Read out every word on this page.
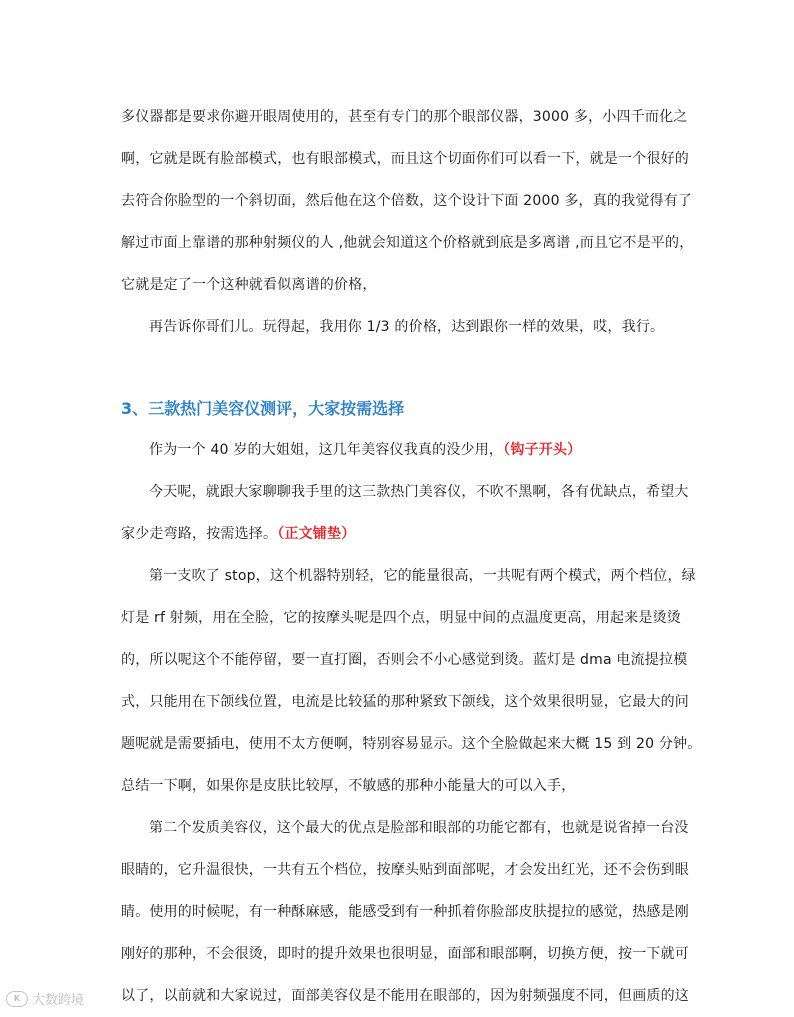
多仪器都是要求你避开眼周使用的，甚至有专门的那个眼部仪器，3000 多，小四千而化之
啊，它就是既有脸部模式，也有眼部模式，而且这个切面你们可以看一下，就是一个很好的
去符合你脸型的一个斜切面，然后他在这个倍数，这个设计下面 2000 多，真的我觉得有了
解过市面上靠谱的那种射频仪的人 ,他就会知道这个价格就到底是多离谱 ,而且它不是平的，
它就是定了一个这种就看似离谱的价格，
再告诉你哥们儿。玩得起，我用你 1/3 的价格，达到跟你一样的效果，哎，我行。
3、三款热门美容仪测评，大家按需选择
作为一个 40 岁的大姐姐，这几年美容仪我真的没少用，（钩子开头）
今天呢，就跟大家聊聊我手里的这三款热门美容仪，不吹不黑啊，各有优缺点，希望大
家少走弯路，按需选择。（正文铺垫）
第一支吹了 stop，这个机器特别轻，它的能量很高，一共呢有两个模式，两个档位，绿
灯是 rf 射频，用在全脸，它的按摩头呢是四个点，明显中间的点温度更高，用起来是烫烫
的，所以呢这个不能停留，要一直打圈，否则会不小心感觉到烫。蓝灯是 dma 电流提拉模
式，只能用在下颌线位置，电流是比较猛的那种紧致下颌线，这个效果很明显，它最大的问
题呢就是需要插电，使用不太方便啊，特别容易显示。这个全脸做起来大概 15 到 20 分钟。
总结一下啊，如果你是皮肤比较厚，不敏感的那种小能量大的可以入手，
第二个发质美容仪，这个最大的优点是脸部和眼部的功能它都有，也就是说省掉一台没
眼睛的，它升温很快，一共有五个档位，按摩头贴到面部呢，才会发出红光，还不会伤到眼
睛。使用的时候呢，有一种酥麻感，能感受到有一种抓着你脸部皮肤提拉的感觉，热感是刚
刚好的那种，不会很烫，即时的提升效果也很明显，面部和眼部啊，切换方便，按一下就可
以了，以前就和大家说过，面部美容仪是不能用在眼部的，因为射频强度不同，但画质的这
K 大数跨境
